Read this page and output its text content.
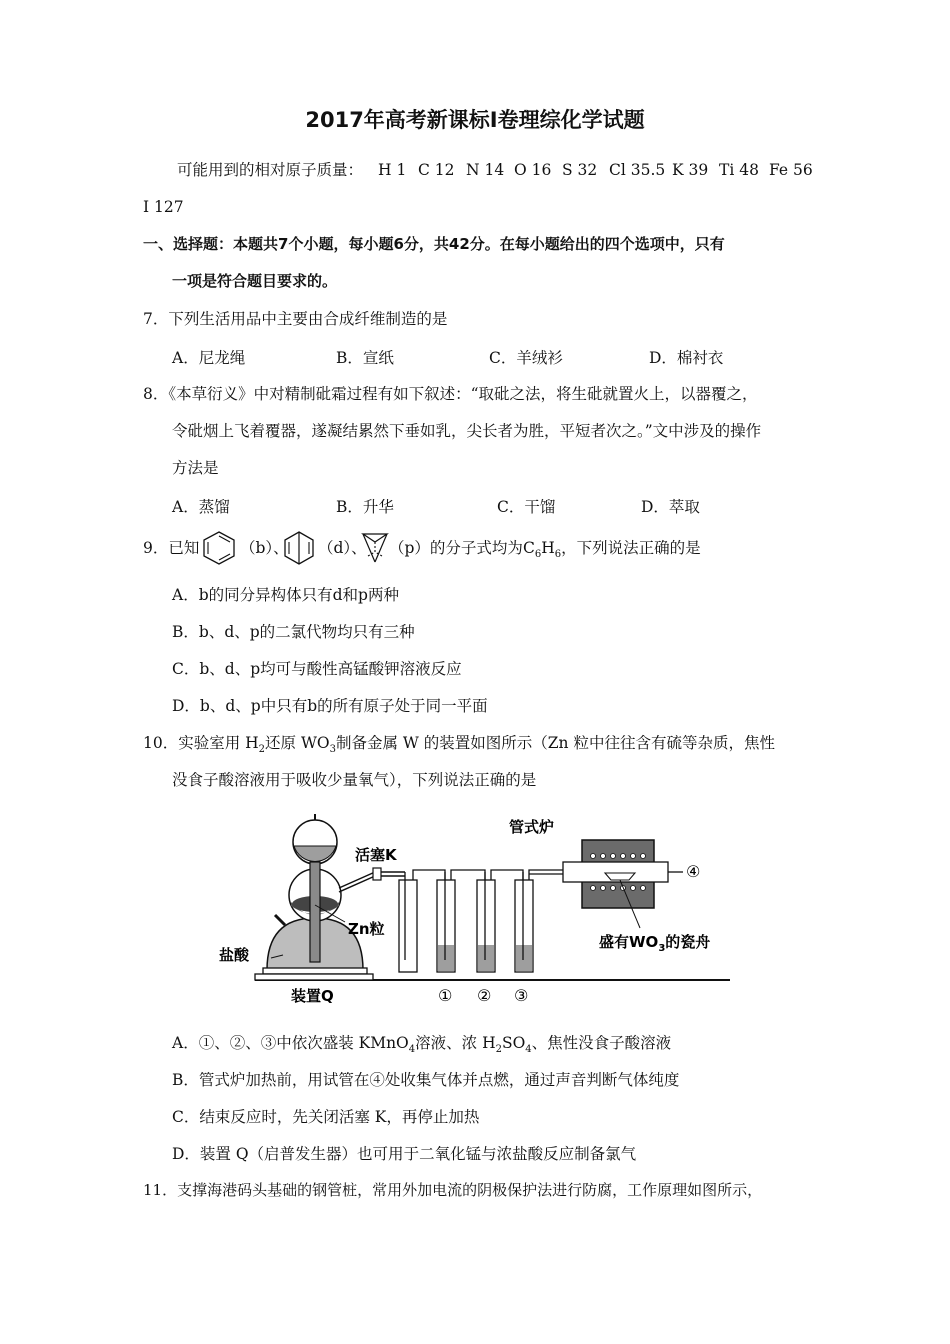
2017年高考新课标Ⅰ卷理综化学试题
可能用到的相对原子质量： H 1 C 12 N 14 O 16 S 32 Cl 35.5 K 39 Ti 48 Fe 56
I 127
一、选择题：本题共7个小题，每小题6分，共42分。在每小题给出的四个选项中，只有
一项是符合题目要求的。
7．下列生活用品中主要由合成纤维制造的是
A．尼龙绳	B．宣纸	C．羊绒衫	D．棉衬衣
8．《本草衍义》中对精制砒霜过程有如下叙述：“取砒之法，将生砒就置火上，以器覆之，
令砒烟上飞着覆器，遂凝结累然下垂如乳，尖长者为胜，平短者次之。”文中涉及的操作
方法是
A．蒸馏	B．升华	C．干馏	D．萃取
9．已知	（b）、 （d）、 （p）的分子式均为$C_6H_6$，下列说法正确的是
A．b的同分异构体只有d和p两种
B．b、d、p的二氯代物均只有三种
C．b、d、p均可与酸性高锰酸钾溶液反应
D．b、d、p中只有b的所有原子处于同一平面
10．实验室用 $H_2$还原 $WO_3$制备金属 W 的装置如图所示（Zn 粒中往往含有硫等杂质，焦性
没食子酸溶液用于吸收少量氧气），下列说法正确的是
管式炉
活塞K
Zn粒
盐酸
装置Q
盛有$WO_3$的瓷舟
① ② ③
④
A．①、②、③中依次盛装 KMnO$_4$溶液、浓 $H_2SO_4$、焦性没食子酸溶液
B．管式炉加热前，用试管在④处收集气体并点燃，通过声音判断气体纯度
C．结束反应时，先关闭活塞 K，再停止加热
D．装置 Q（启普发生器）也可用于二氧化锰与浓盐酸反应制备氯气
11．支撑海港码头基础的钢管桩，常用外加电流的阴极保护法进行防腐，工作原理如图所示，
